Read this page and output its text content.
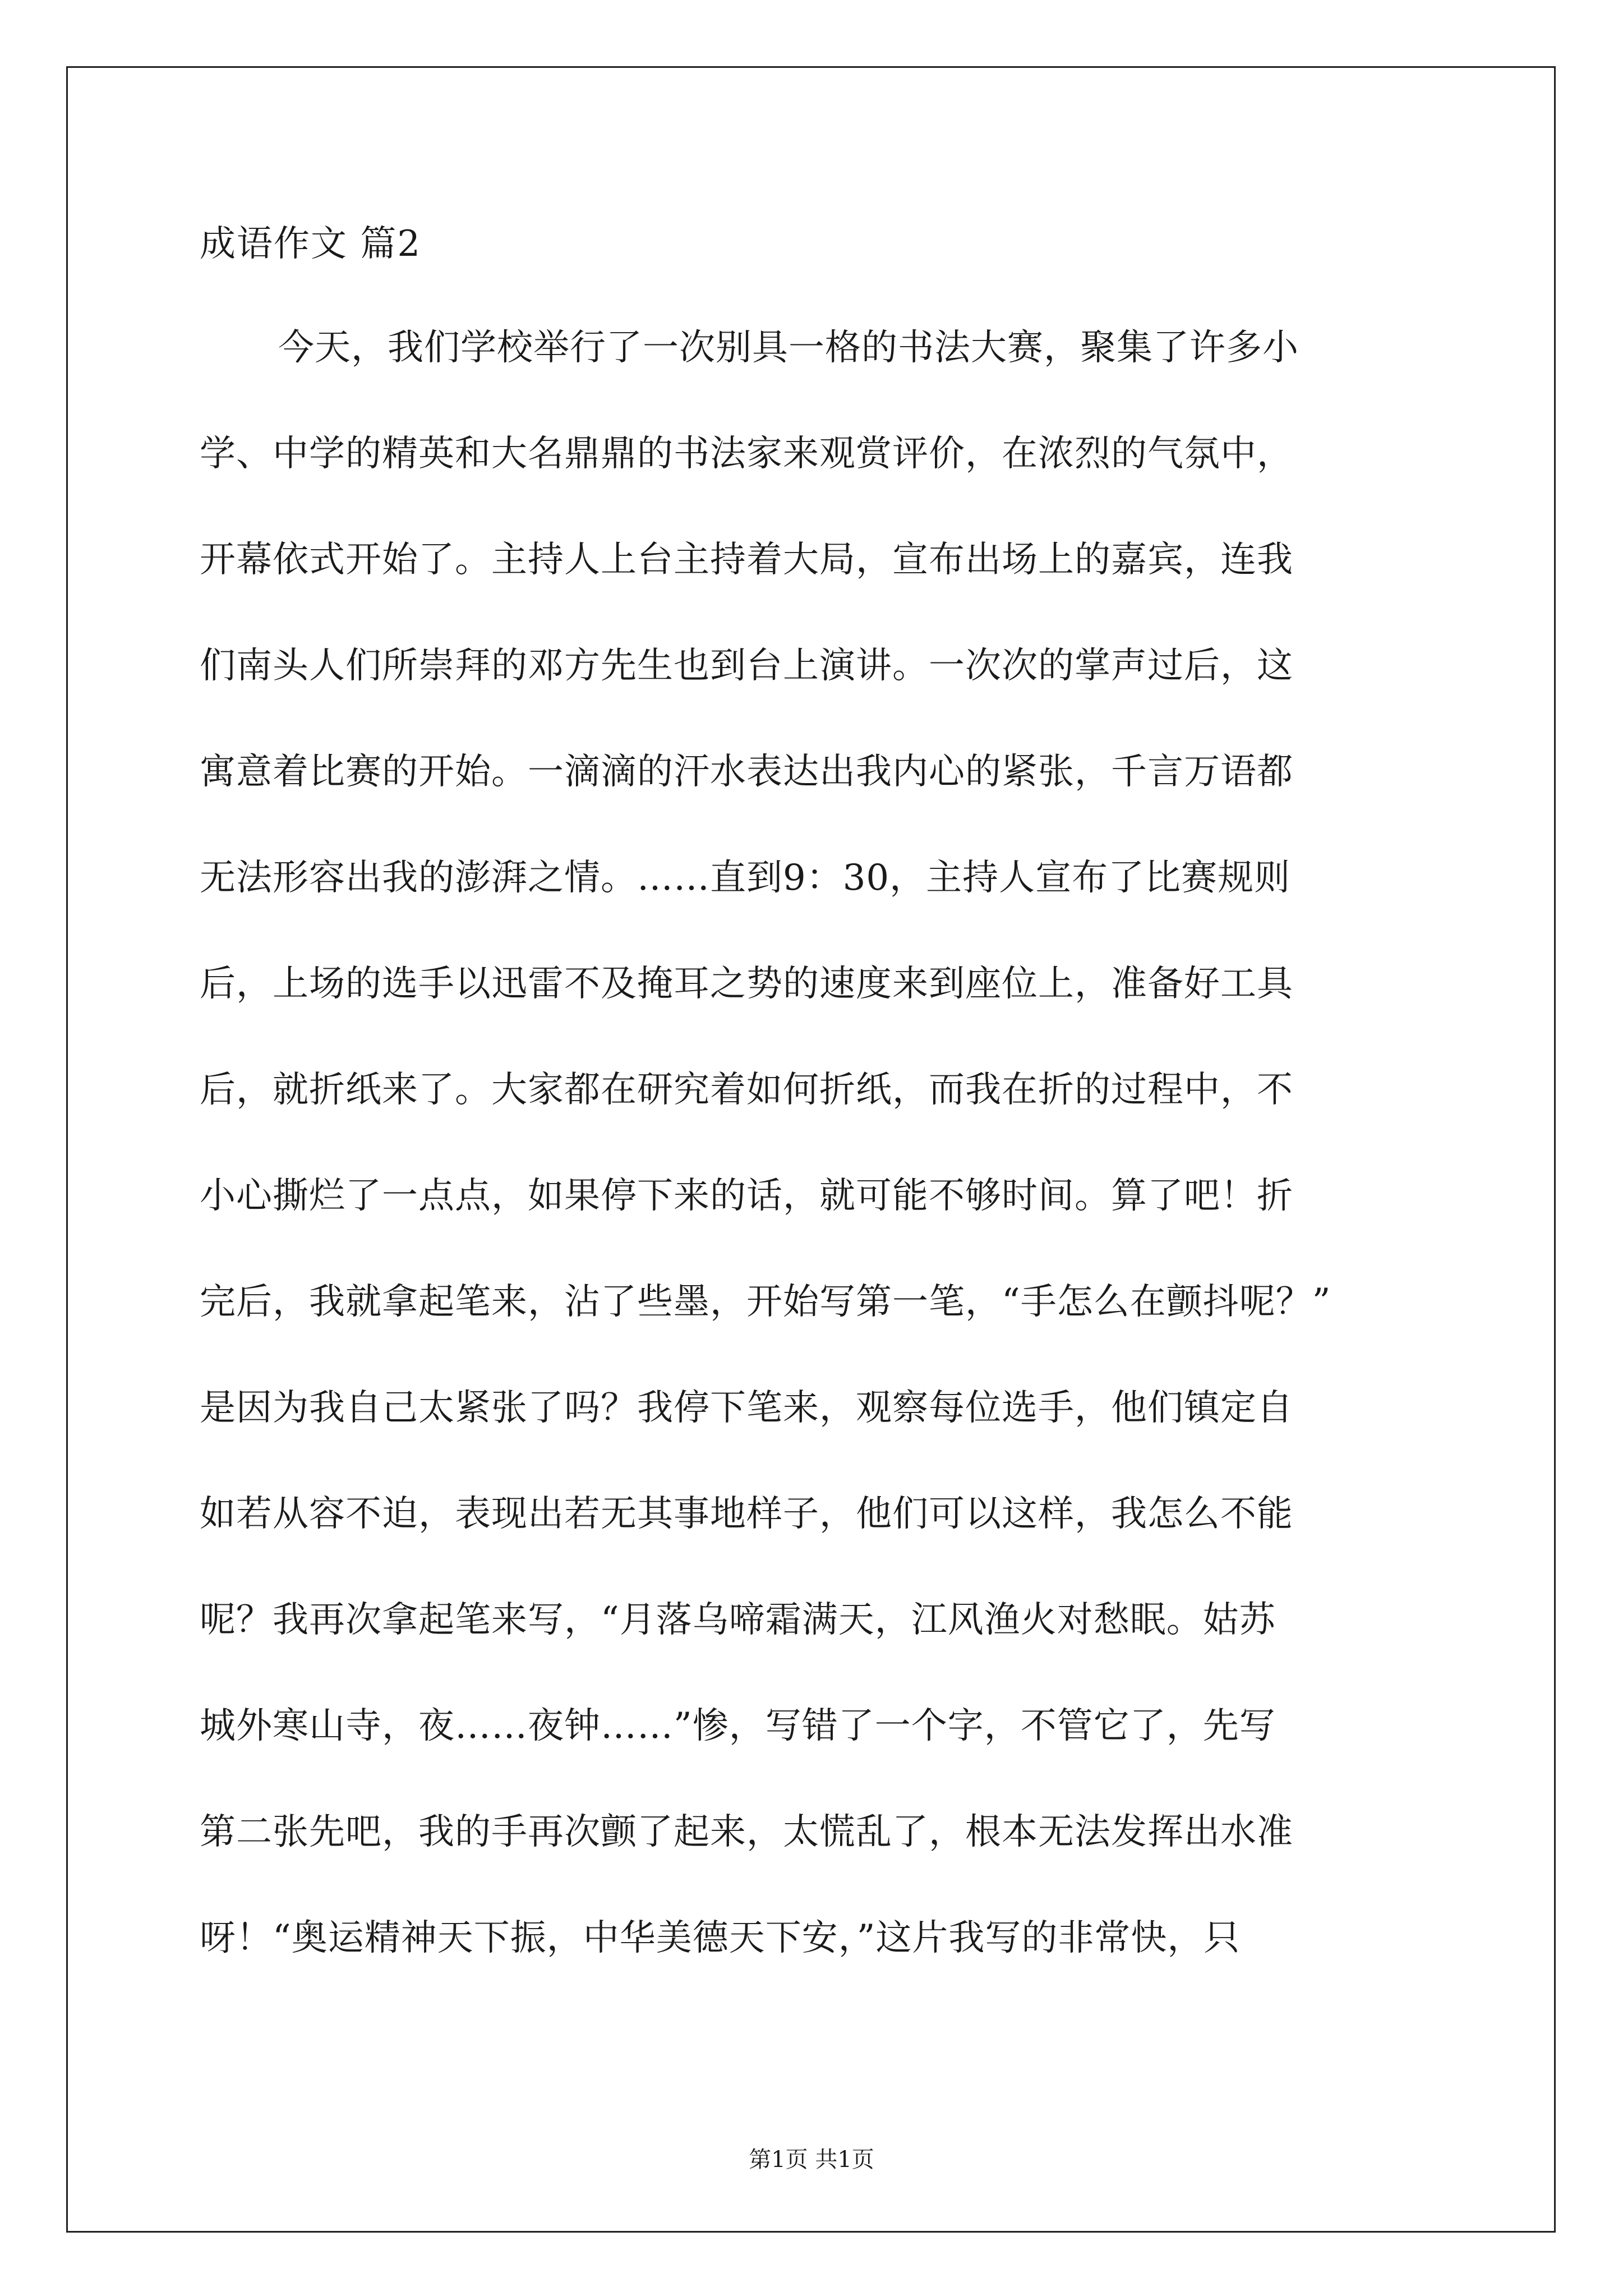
成语作文 篇2
今天，我们学校举行了一次别具一格的书法大赛，聚集了许多小
学、中学的精英和大名鼎鼎的书法家来观赏评价，在浓烈的气氛中，
开幕依式开始了。主持人上台主持着大局，宣布出场上的嘉宾，连我
们南头人们所崇拜的邓方先生也到台上演讲。一次次的掌声过后，这
寓意着比赛的开始。一滴滴的汗水表达出我内心的紧张，千言万语都
无法形容出我的澎湃之情。……直到9：30，主持人宣布了比赛规则
后，上场的选手以迅雷不及掩耳之势的速度来到座位上，准备好工具
后，就折纸来了。大家都在研究着如何折纸，而我在折的过程中，不
小心撕烂了一点点，如果停下来的话，就可能不够时间。算了吧！折
完后，我就拿起笔来，沾了些墨，开始写第一笔，“手怎么在颤抖呢？”
是因为我自己太紧张了吗？我停下笔来，观察每位选手，他们镇定自
如若从容不迫，表现出若无其事地样子，他们可以这样，我怎么不能
呢？我再次拿起笔来写，“月落乌啼霜满天，江风渔火对愁眠。姑苏
城外寒山寺，夜……夜钟……”惨，写错了一个字，不管它了，先写
第二张先吧，我的手再次颤了起来，太慌乱了，根本无法发挥出水准
呀！“奥运精神天下振，中华美德天下安，”这片我写的非常快，只
第1页 共1页
